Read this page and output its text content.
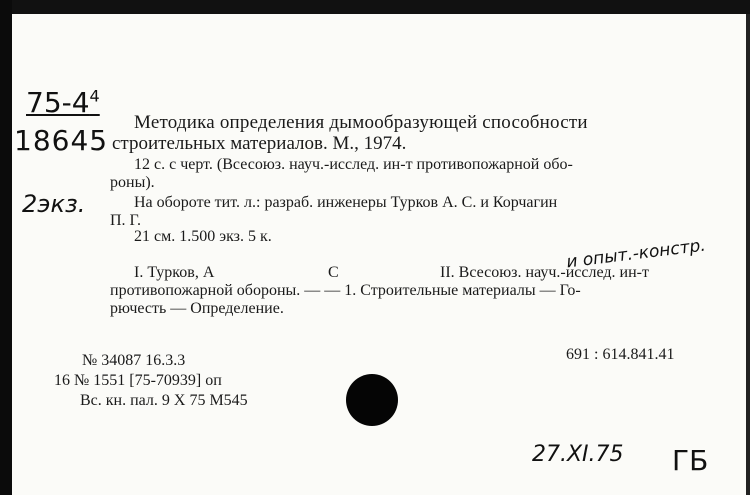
$75-4^4$
18645
2экз.
и опыт.-констр.
27.XI.75 ГБ
Методика определения дымообразующей способности
строительных материалов. М., 1974.
12 с. с черт. (Всесоюз. науч.-исслед. ин-т противопожарной обо-
роны).
На обороте тит. л.: разраб. инженеры Турков А. С. и Корчагин
П. Г.
21 см. 1.500 экз. 5 к.
I. Турков, А	С	II. Всесоюз. науч.-исслед. ин-т
противопожарной обороны. — — 1. Строительные материалы — Го-
рючесть — Определение.
№ 34087 16.3.3	691 : 614.841.41
16 № 1551 [75-70939] оп
Вс. кн. пал. 9 X 75 М545
